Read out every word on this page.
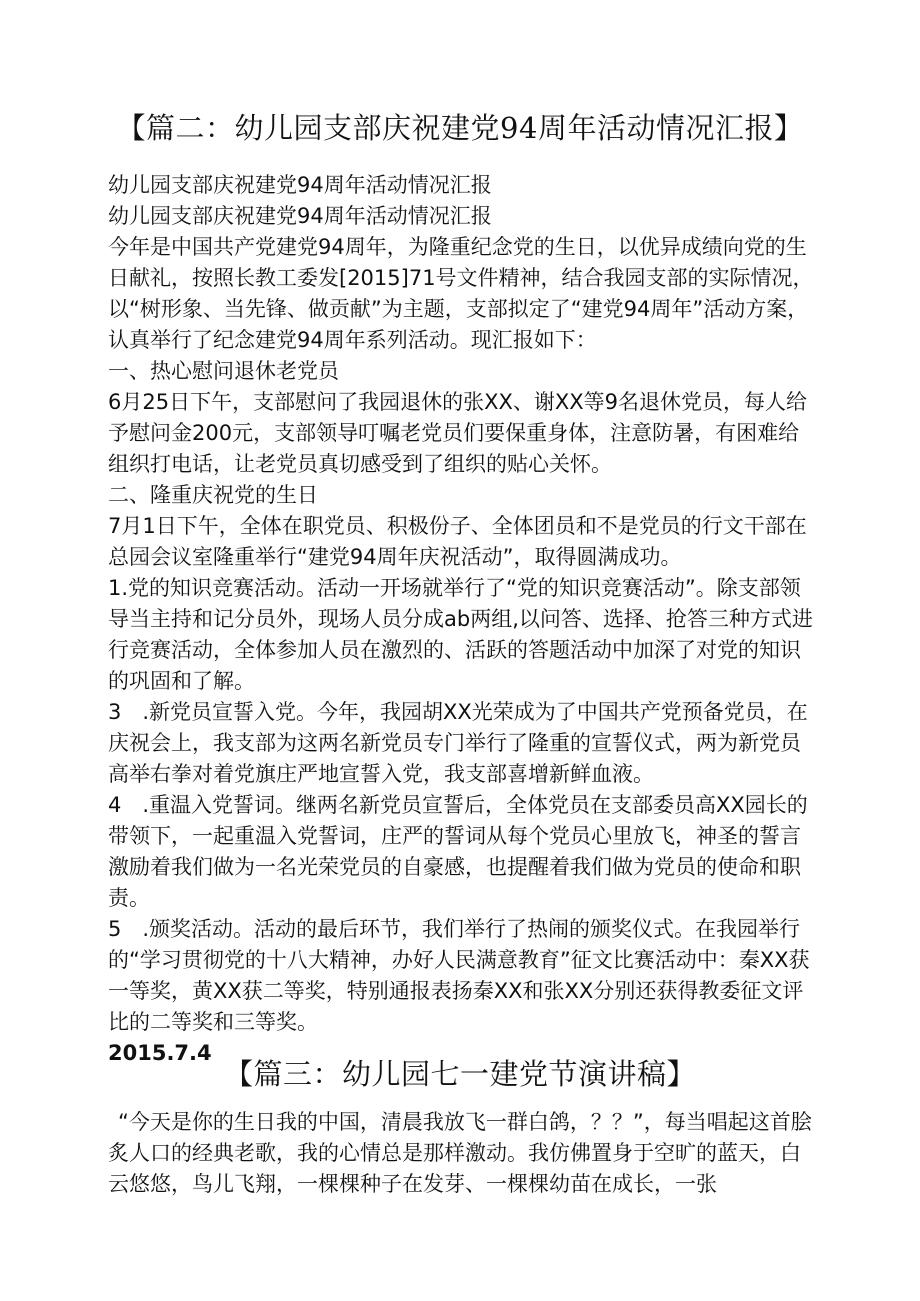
【篇二：幼儿园支部庆祝建党94周年活动情况汇报】

幼儿园支部庆祝建党94周年活动情况汇报

幼儿园支部庆祝建党94周年活动情况汇报

今年是中国共产党建党94周年，为隆重纪念党的生日，以优异成绩向党的生日献礼，按照长教工委发[2015]71号文件精神，结合我园支部的实际情况，以“树形象、当先锋、做贡献”为主题，支部拟定了“建党94周年”活动方案，认真举行了纪念建党94周年系列活动。现汇报如下：

一、热心慰问退休老党员

6月25日下午，支部慰问了我园退休的张XX、谢XX等9名退休党员，每人给予慰问金200元，支部领导叮嘱老党员们要保重身体，注意防暑，有困难给组织打电话，让老党员真切感受到了组织的贴心关怀。

二、隆重庆祝党的生日

7月1日下午，全体在职党员、积极份子、全体团员和不是党员的行文干部在总园会议室隆重举行“建党94周年庆祝活动”，取得圆满成功。

1.党的知识竞赛活动。活动一开场就举行了“党的知识竞赛活动”。除支部领导当主持和记分员外，现场人员分成ab两组,以问答、选择、抢答三种方式进行竞赛活动，全体参加人员在激烈的、活跃的答题活动中加深了对党的知识的巩固和了解。

3　.新党员宣誓入党。今年，我园胡XX光荣成为了中国共产党预备党员，在庆祝会上，我支部为这两名新党员专门举行了隆重的宣誓仪式，两为新党员高举右拳对着党旗庄严地宣誓入党，我支部喜增新鲜血液。

4　.重温入党誓词。继两名新党员宣誓后，全体党员在支部委员高XX园长的带领下，一起重温入党誓词，庄严的誓词从每个党员心里放飞，神圣的誓言激励着我们做为一名光荣党员的自豪感，也提醒着我们做为党员的使命和职责。

5　.颁奖活动。活动的最后环节，我们举行了热闹的颁奖仪式。在我园举行的“学习贯彻党的十八大精神，办好人民满意教育”征文比赛活动中：秦XX获一等奖，黄XX获二等奖，特别通报表扬秦XX和张XX分别还获得教委征文评比的二等奖和三等奖。

2015.7.4

【篇三：幼儿园七一建党节演讲稿】

“今天是你的生日我的中国，清晨我放飞一群白鸽，？？”，每当唱起这首脍炙人口的经典老歌，我的心情总是那样激动。我仿佛置身于空旷的蓝天，白云悠悠，鸟儿飞翔，一棵棵种子在发芽、一棵棵幼苗在成长，一张
